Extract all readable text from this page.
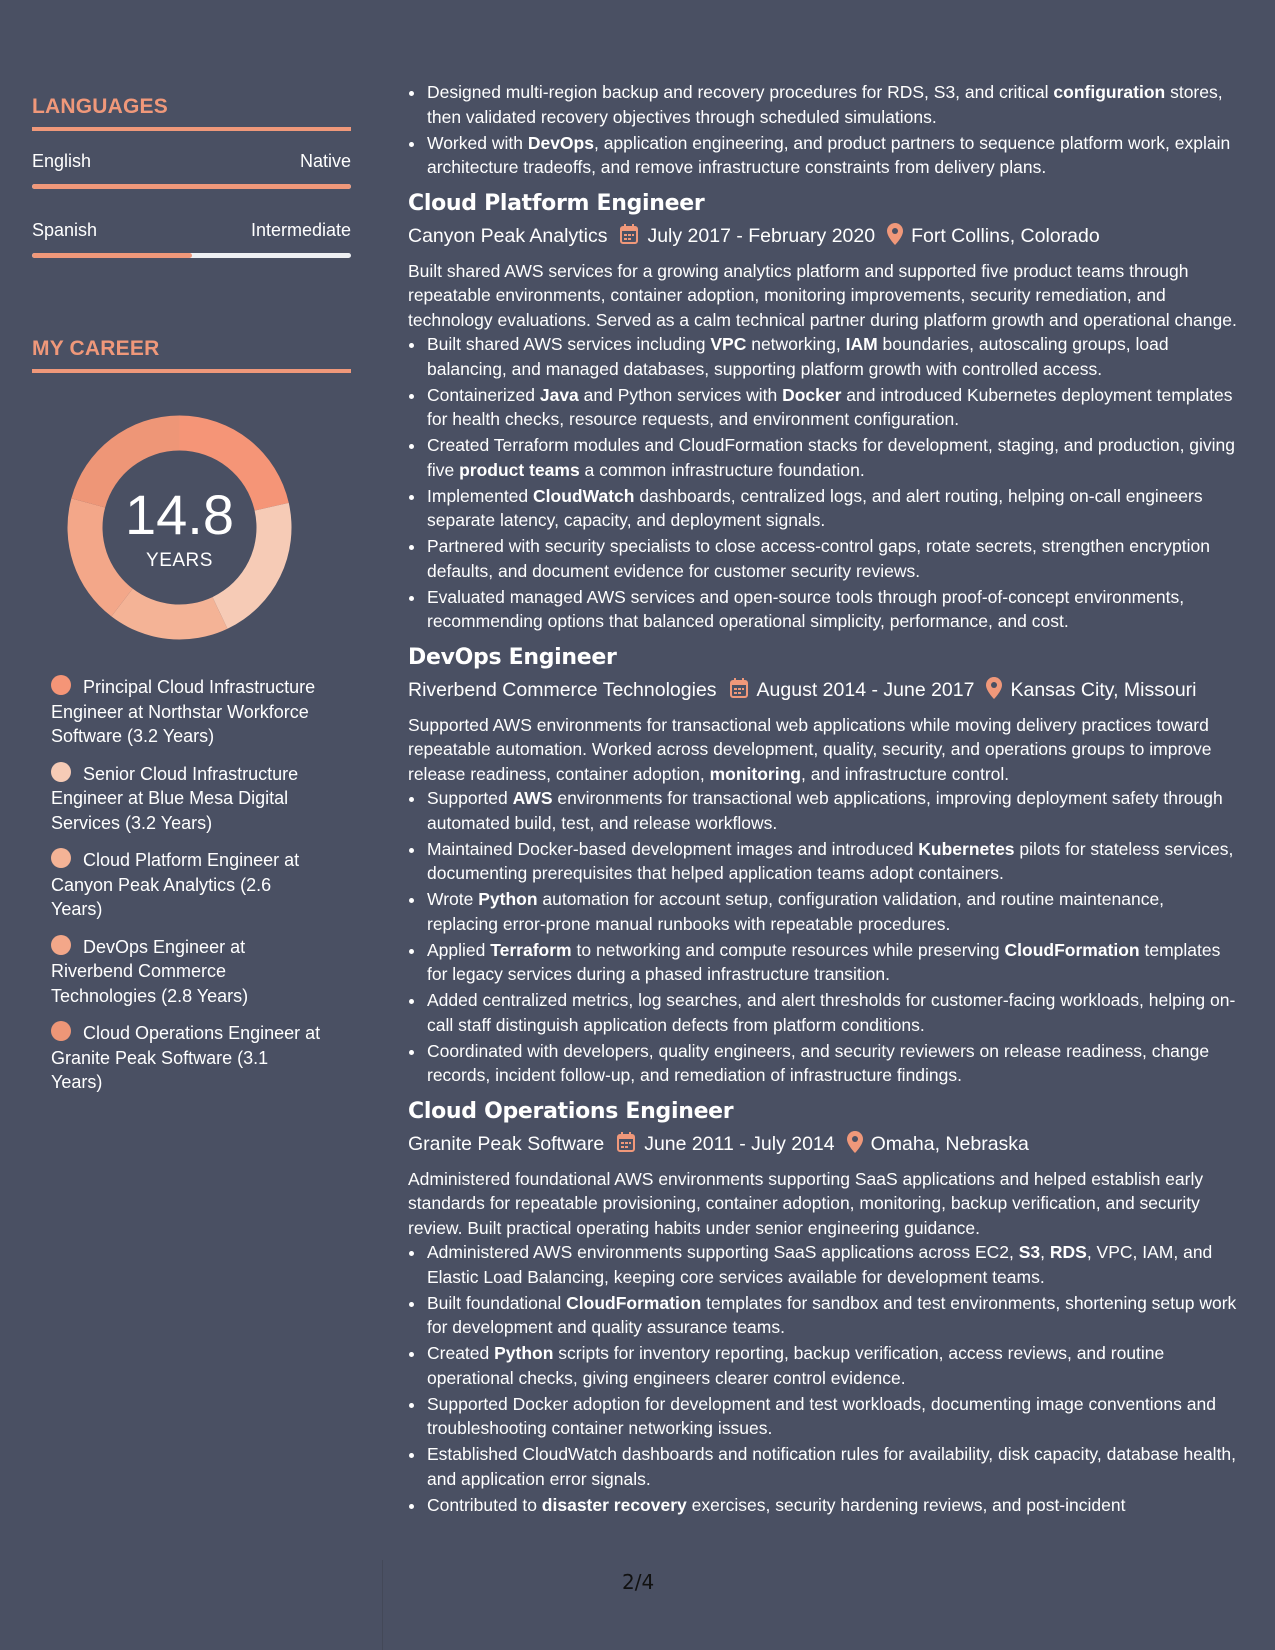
LANGUAGES
English	Native
Spanish	Intermediate
MY CAREER
14.8
YEARS
Principal Cloud Infrastructure Engineer at Northstar Workforce Software (3.2 Years)
Senior Cloud Infrastructure Engineer at Blue Mesa Digital Services (3.2 Years)
Cloud Platform Engineer at Canyon Peak Analytics (2.6 Years)
DevOps Engineer at Riverbend Commerce Technologies (2.8 Years)
Cloud Operations Engineer at Granite Peak Software (3.1 Years)
• Designed multi-region backup and recovery procedures for RDS, S3, and critical configuration stores, then validated recovery objectives through scheduled simulations.
• Worked with DevOps, application engineering, and product partners to sequence platform work, explain architecture tradeoffs, and remove infrastructure constraints from delivery plans.
Cloud Platform Engineer
Canyon Peak Analytics July 2017 - February 2020 Fort Collins, Colorado

Built shared AWS services for a growing analytics platform and supported five product teams through repeatable environments, container adoption, monitoring improvements, security remediation, and technology evaluations. Served as a calm technical partner during platform growth and operational change.

• Built shared AWS services including VPC networking, IAM boundaries, autoscaling groups, load balancing, and managed databases, supporting platform growth with controlled access.
• Containerized Java and Python services with Docker and introduced Kubernetes deployment templates for health checks, resource requests, and environment configuration.
• Created Terraform modules and CloudFormation stacks for development, staging, and production, giving five product teams a common infrastructure foundation.
• Implemented CloudWatch dashboards, centralized logs, and alert routing, helping on-call engineers separate latency, capacity, and deployment signals.
• Partnered with security specialists to close access-control gaps, rotate secrets, strengthen encryption defaults, and document evidence for customer security reviews.
• Evaluated managed AWS services and open-source tools through proof-of-concept environments, recommending options that balanced operational simplicity, performance, and cost.
DevOps Engineer
Riverbend Commerce Technologies August 2014 - June 2017 Kansas City, Missouri

Supported AWS environments for transactional web applications while moving delivery practices toward repeatable automation. Worked across development, quality, security, and operations groups to improve release readiness, container adoption, monitoring, and infrastructure control.

• Supported AWS environments for transactional web applications, improving deployment safety through automated build, test, and release workflows.
• Maintained Docker-based development images and introduced Kubernetes pilots for stateless services, documenting prerequisites that helped application teams adopt containers.
• Wrote Python automation for account setup, configuration validation, and routine maintenance, replacing error-prone manual runbooks with repeatable procedures.
• Applied Terraform to networking and compute resources while preserving CloudFormation templates for legacy services during a phased infrastructure transition.
• Added centralized metrics, log searches, and alert thresholds for customer-facing workloads, helping on-call staff distinguish application defects from platform conditions.
• Coordinated with developers, quality engineers, and security reviewers on release readiness, change records, incident follow-up, and remediation of infrastructure findings.
Cloud Operations Engineer
Granite Peak Software June 2011 - July 2014 Omaha, Nebraska

Administered foundational AWS environments supporting SaaS applications and helped establish early standards for repeatable provisioning, container adoption, monitoring, backup verification, and security review. Built practical operating habits under senior engineering guidance.

• Administered AWS environments supporting SaaS applications across EC2, S3, RDS, VPC, IAM, and Elastic Load Balancing, keeping core services available for development teams.
• Built foundational CloudFormation templates for sandbox and test environments, shortening setup work for development and quality assurance teams.
• Created Python scripts for inventory reporting, backup verification, access reviews, and routine operational checks, giving engineers clearer control evidence.
• Supported Docker adoption for development and test workloads, documenting image conventions and troubleshooting container networking issues.
• Established CloudWatch dashboards and notification rules for availability, disk capacity, database health, and application error signals.
• Contributed to disaster recovery exercises, security hardening reviews, and post-incident
2/4
